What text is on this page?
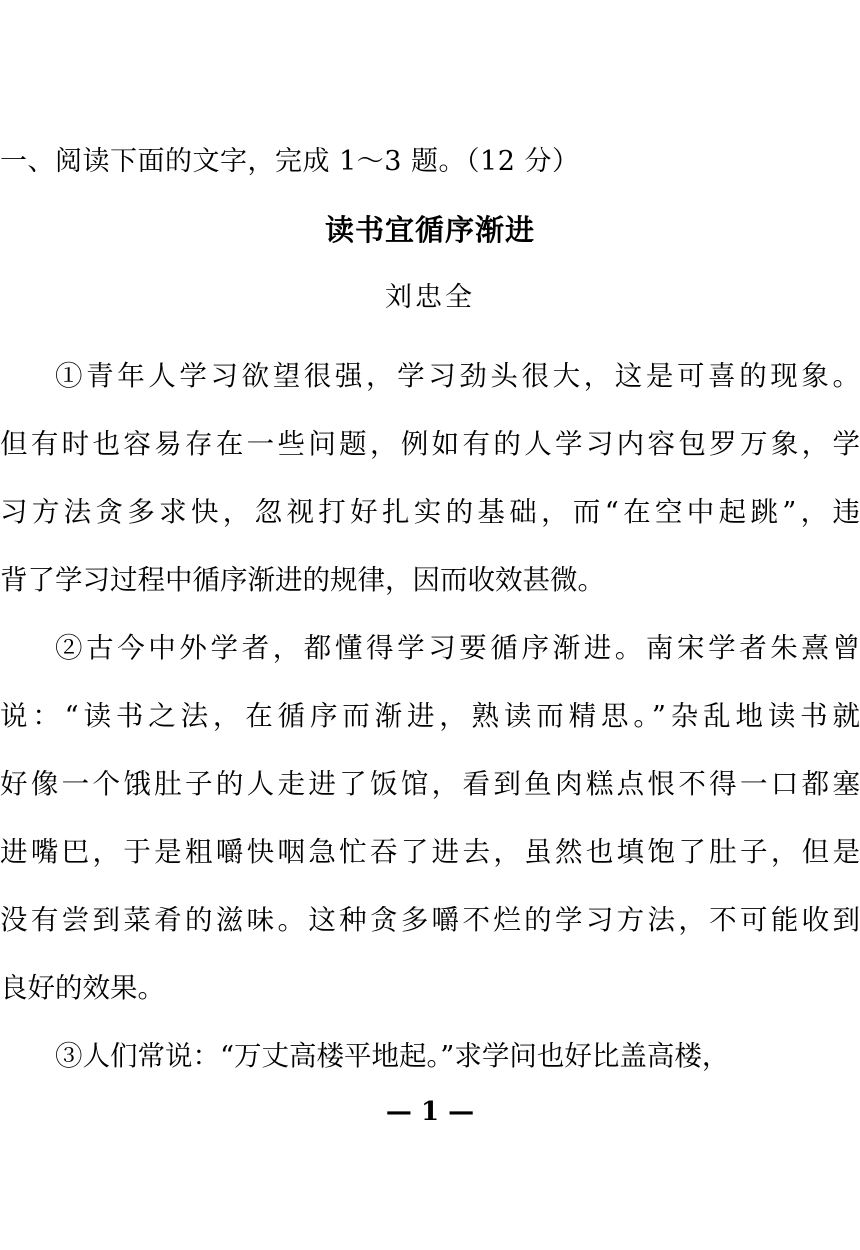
一、阅读下面的文字，完成 1～3 题。（12 分）
读书宜循序渐进
刘忠全
①青年人学习欲望很强，学习劲头很大，这是可喜的现象。
但有时也容易存在一些问题，例如有的人学习内容包罗万象，学
习方法贪多求快，忽视打好扎实的基础，而“在空中起跳”，违
背了学习过程中循序渐进的规律，因而收效甚微。
②古今中外学者，都懂得学习要循序渐进。南宋学者朱熹曾
说：“读书之法，在循序而渐进，熟读而精思。”杂乱地读书就
好像一个饿肚子的人走进了饭馆，看到鱼肉糕点恨不得一口都塞
进嘴巴，于是粗嚼快咽急忙吞了进去，虽然也填饱了肚子，但是
没有尝到菜肴的滋味。这种贪多嚼不烂的学习方法，不可能收到
良好的效果。
③人们常说：“万丈高楼平地起。”求学问也好比盖高楼，
— 1 —
